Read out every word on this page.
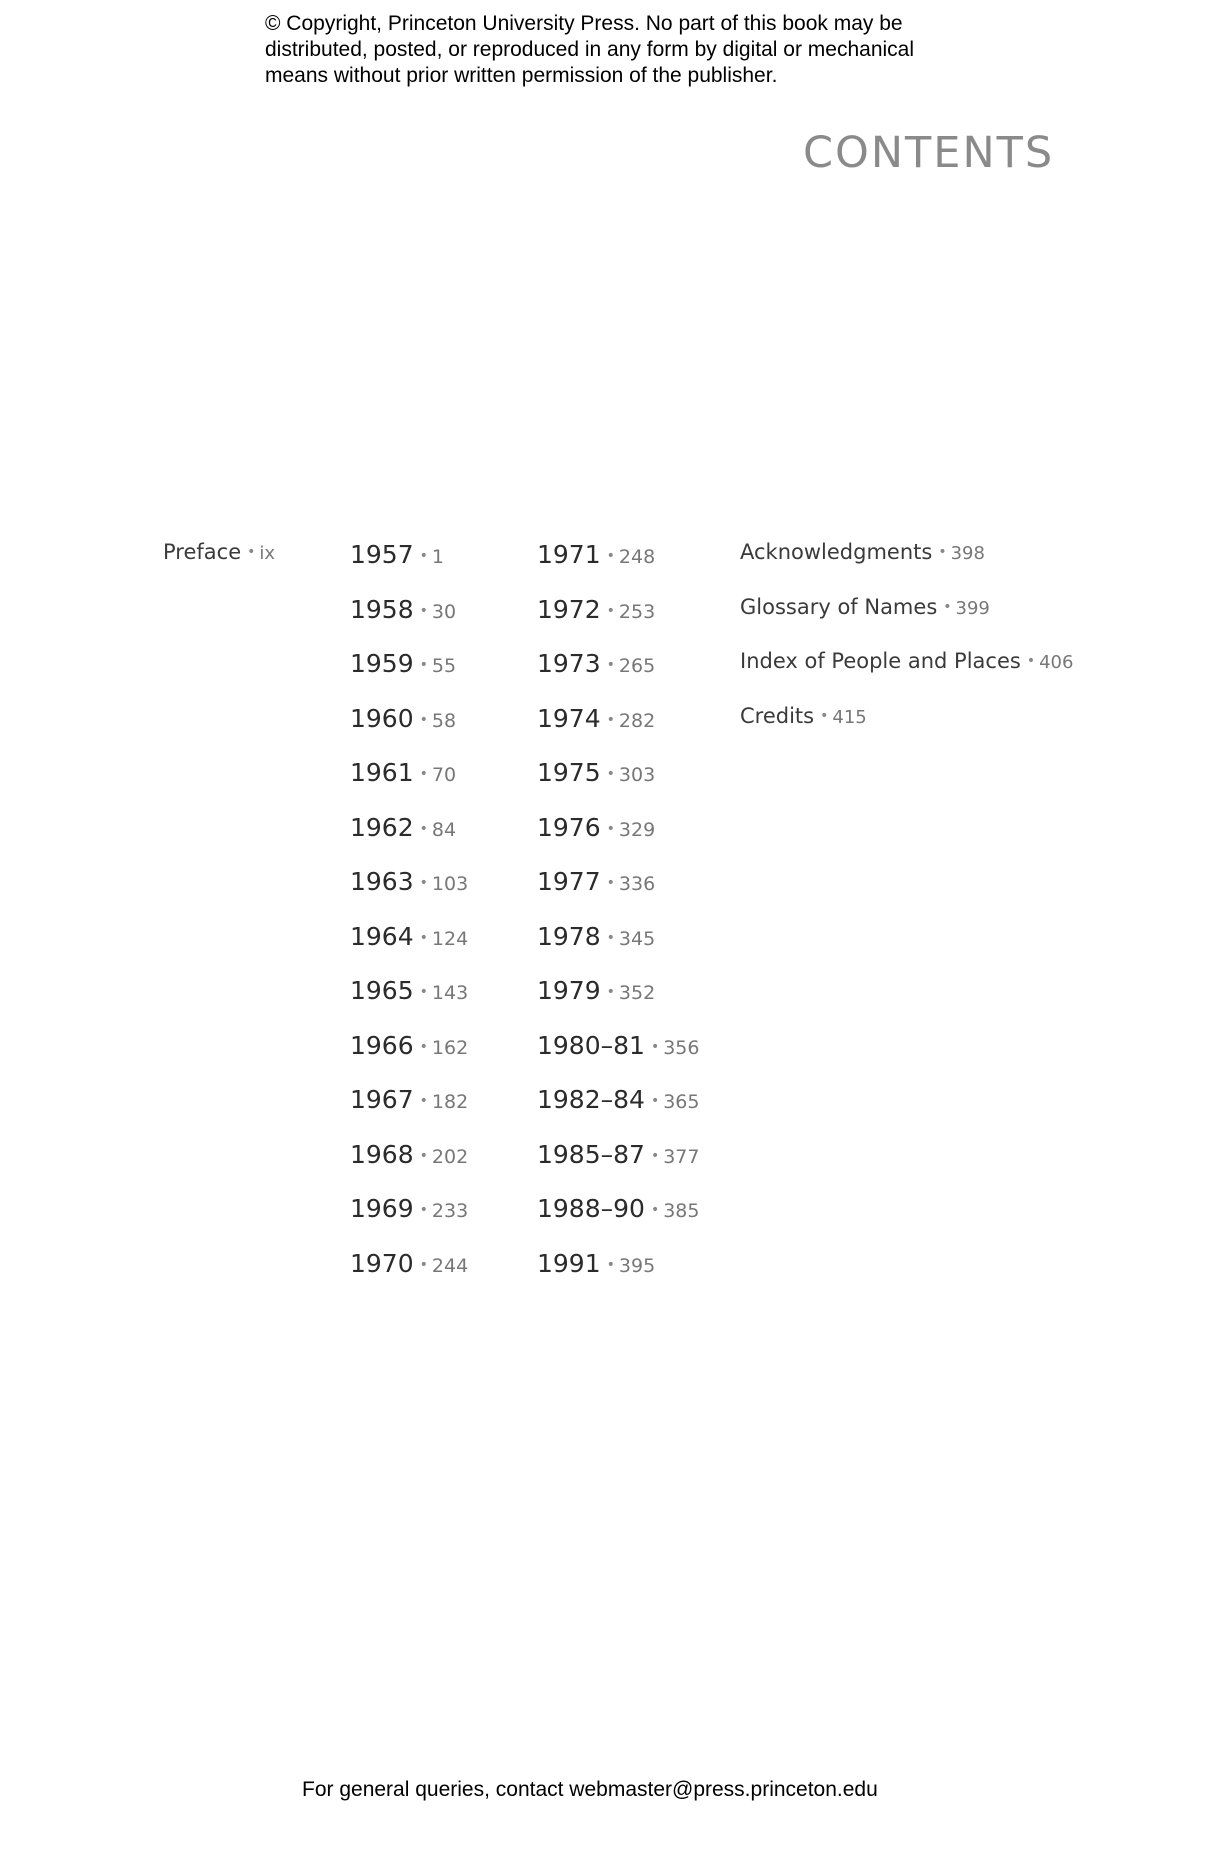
© Copyright, Princeton University Press. No part of this book may be
distributed, posted, or reproduced in any form by digital or mechanical
means without prior written permission of the publisher.
CONTENTS
Preface • ix	1957 • 1
1958 • 30
1959 • 55
1960 • 58
1961 • 70
1962 • 84
1963 • 103
1964 • 124
1965 • 143
1966 • 162
1967 • 182
1968 • 202
1969 • 233
1970 • 244
1971 • 248
1972 • 253
1973 • 265
1974 • 282
1975 • 303
1976 • 329
1977 • 336
1978 • 345
1979 • 352
1980–81 • 356
1982–84 • 365
1985–87 • 377
1988–90 • 385
1991 • 395
Acknowledgments • 398
Glossary of Names • 399
Index of People and Places • 406
Credits • 415
For general queries, contact webmaster@press.princeton.edu
